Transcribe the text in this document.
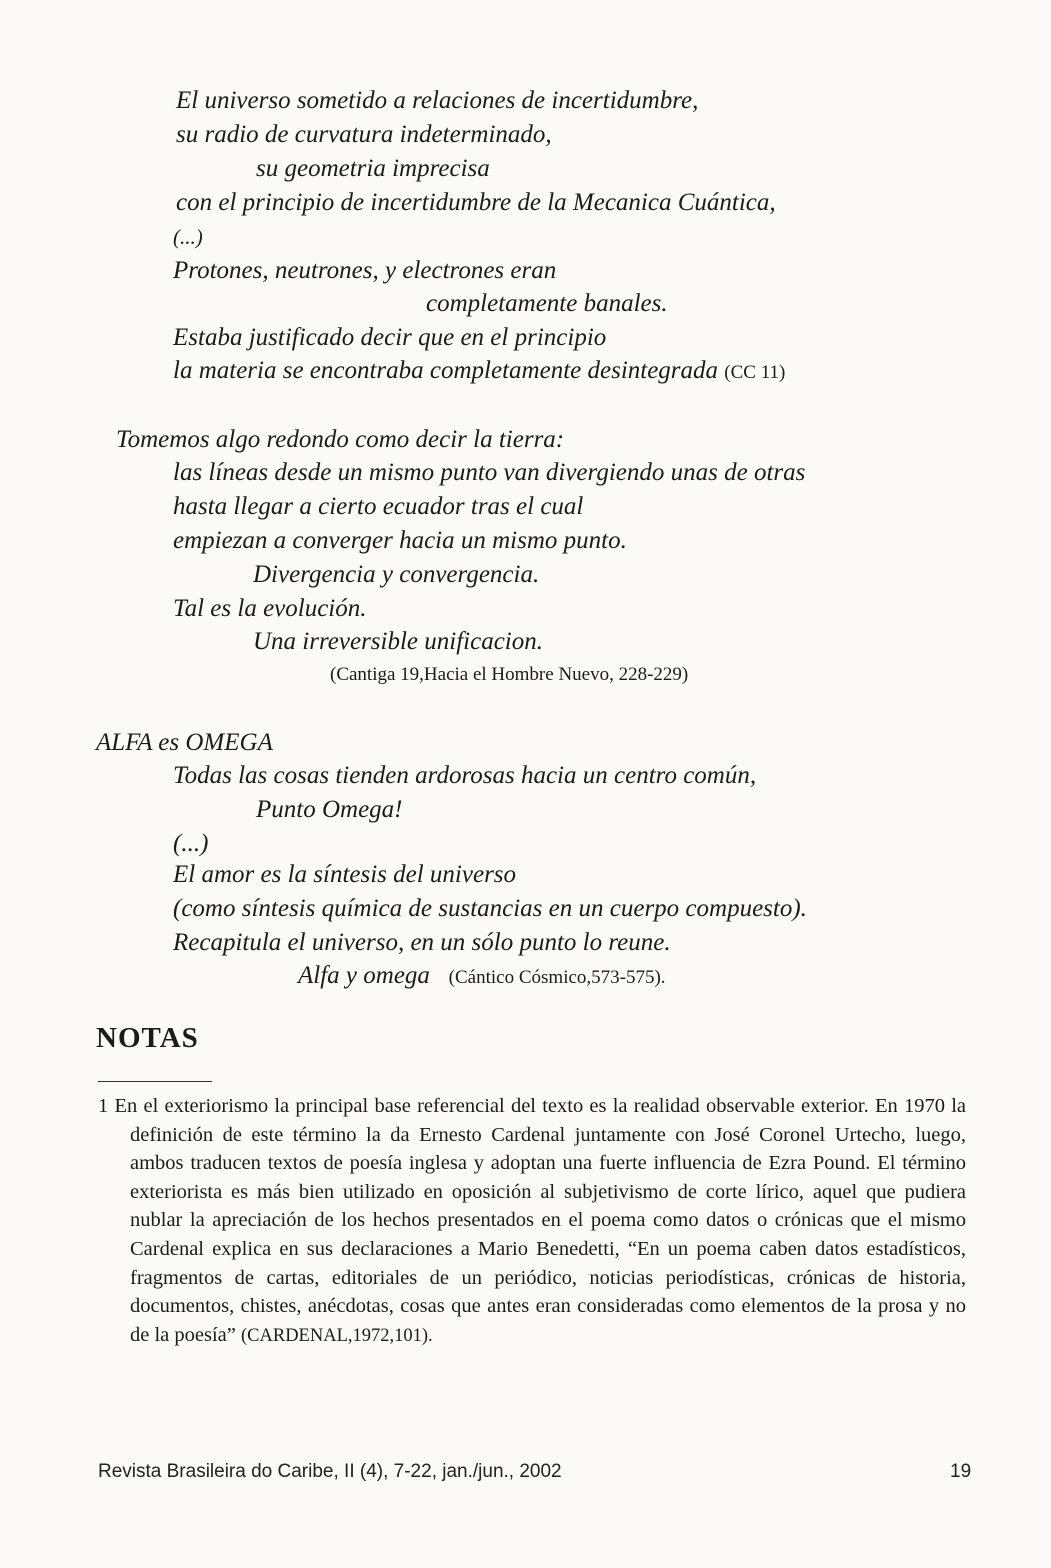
El universo sometido a relaciones de incertidumbre,
su radio de curvatura indeterminado,
su geometria imprecisa
con el principio de incertidumbre de la Mecanica Cuántica,
(...)
Protones, neutrones, y electrones eran
completamente banales.
Estaba justificado decir que en el principio
la materia se encontraba completamente desintegrada (CC 11)
Tomemos algo redondo como decir la tierra:
las líneas desde un mismo punto van divergiendo unas de otras
hasta llegar a cierto ecuador tras el cual
empiezan a converger hacia un mismo punto.
Divergencia y convergencia.
Tal es la evolución.
Una irreversible unificacion.
(Cantiga 19,Hacia el Hombre Nuevo, 228-229)
ALFA es OMEGA
Todas las cosas tienden ardorosas hacia un centro común,
Punto Omega!
(...)
El amor es la síntesis del universo
(como síntesis química de sustancias en un cuerpo compuesto).
Recapitula el universo, en un sólo punto lo reune.
Alfa y omega (Cántico Cósmico,573-575).
NOTAS

1 En el exteriorismo la principal base referencial del texto es la realidad observable exterior. En 1970 la definición de este término la da Ernesto Cardenal juntamente con José Coronel Urtecho, luego, ambos traducen textos de poesía inglesa y adoptan una fuerte influencia de Ezra Pound. El término exteriorista es más bien utilizado en oposición al subjetivismo de corte lírico, aquel que pudiera nublar la apreciación de los hechos presentados en el poema como datos o crónicas que el mismo Cardenal explica en sus declaraciones a Mario Benedetti, “En un poema caben datos estadísticos, fragmentos de cartas, editoriales de un periódico, noticias periodísticas, crónicas de historia, documentos, chistes, anécdotas, cosas que antes eran consideradas como elementos de la prosa y no de la poesía” (CARDENAL,1972,101).

Revista Brasileira do Caribe, II (4), 7-22, jan./jun., 2002	19
